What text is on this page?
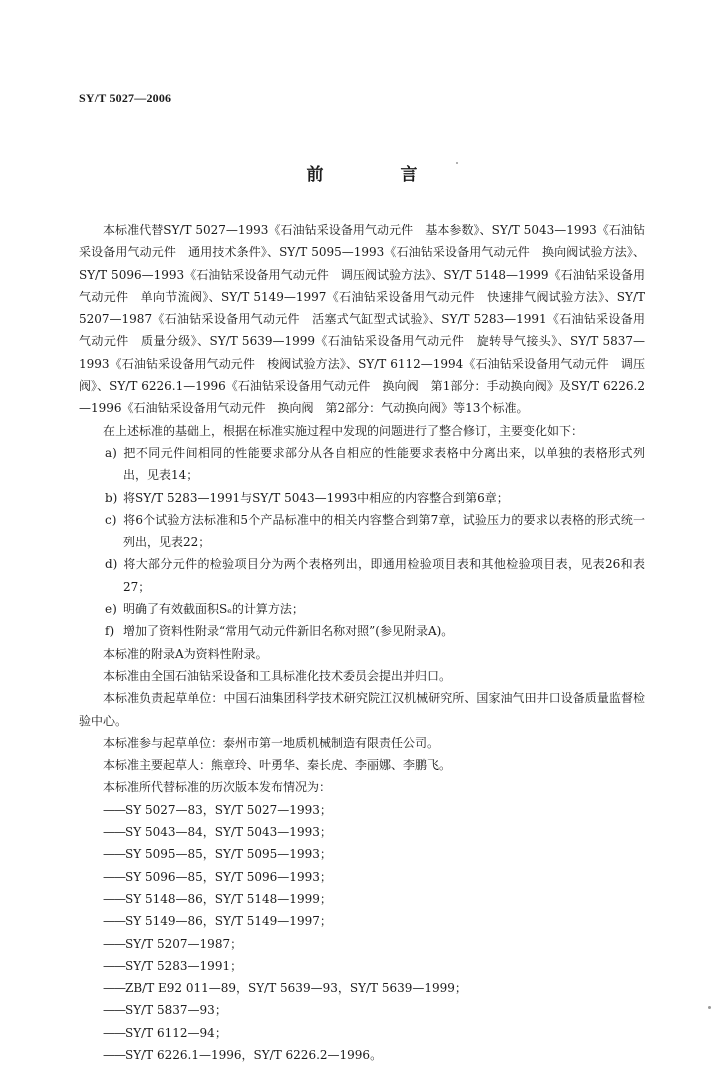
SY/T 5027—2006
前　言

本标准代替SY/T 5027—1993《石油钻采设备用气动元件　基本参数》、SY/T 5043—1993《石油钻采设备用气动元件　通用技术条件》、SY/T 5095—1993《石油钻采设备用气动元件　换向阀试验方法》、SY/T 5096—1993《石油钻采设备用气动元件　调压阀试验方法》、SY/T 5148—1999《石油钻采设备用气动元件　单向节流阀》、SY/T 5149—1997《石油钻采设备用气动元件　快速排气阀试验方法》、SY/T 5207—1987《石油钻采设备用气动元件　活塞式气缸型式试验》、SY/T 5283—1991《石油钻采设备用气动元件　质量分级》、SY/T 5639—1999《石油钻采设备用气动元件　旋转导气接头》、SY/T 5837—1993《石油钻采设备用气动元件　梭阀试验方法》、SY/T 6112—1994《石油钻采设备用气动元件　调压阀》、SY/T 6226.1—1996《石油钻采设备用气动元件　换向阀　第1部分：手动换向阀》及SY/T 6226.2—1996《石油钻采设备用气动元件　换向阀　第2部分：气动换向阀》等13个标准。

在上述标准的基础上，根据在标准实施过程中发现的问题进行了整合修订，主要变化如下：

a) 把不同元件间相同的性能要求部分从各自相应的性能要求表格中分离出来，以单独的表格形式列出，见表14；

b) 将SY/T 5283—1991与SY/T 5043—1993中相应的内容整合到第6章；

c) 将6个试验方法标准和5个产品标准中的相关内容整合到第7章，试验压力的要求以表格的形式统一列出，见表22；

d) 将大部分元件的检验项目分为两个表格列出，即通用检验项目表和其他检验项目表，见表26和表27；

e) 明确了有效截面积Sₑ的计算方法；

f) 增加了资料性附录“常用气动元件新旧名称对照”(参见附录A)。

本标准的附录A为资料性附录。

本标准由全国石油钻采设备和工具标准化技术委员会提出并归口。

本标准负责起草单位：中国石油集团科学技术研究院江汉机械研究所、国家油气田井口设备质量监督检验中心。

本标准参与起草单位：泰州市第一地质机械制造有限责任公司。

本标准主要起草人：熊章玲、叶勇华、秦长虎、李丽娜、李鹏飞。

本标准所代替标准的历次版本发布情况为：

——SY 5027—83，SY/T 5027—1993；

——SY 5043—84，SY/T 5043—1993；

——SY 5095—85，SY/T 5095—1993；

——SY 5096—85，SY/T 5096—1993；

——SY 5148—86，SY/T 5148—1999；

——SY 5149—86，SY/T 5149—1997；

——SY/T 5207—1987；

——SY/T 5283—1991；

——ZB/T E92 011—89，SY/T 5639—93，SY/T 5639—1999；

——SY/T 5837—93；

——SY/T 6112—94；

——SY/T 6226.1—1996，SY/T 6226.2—1996。
